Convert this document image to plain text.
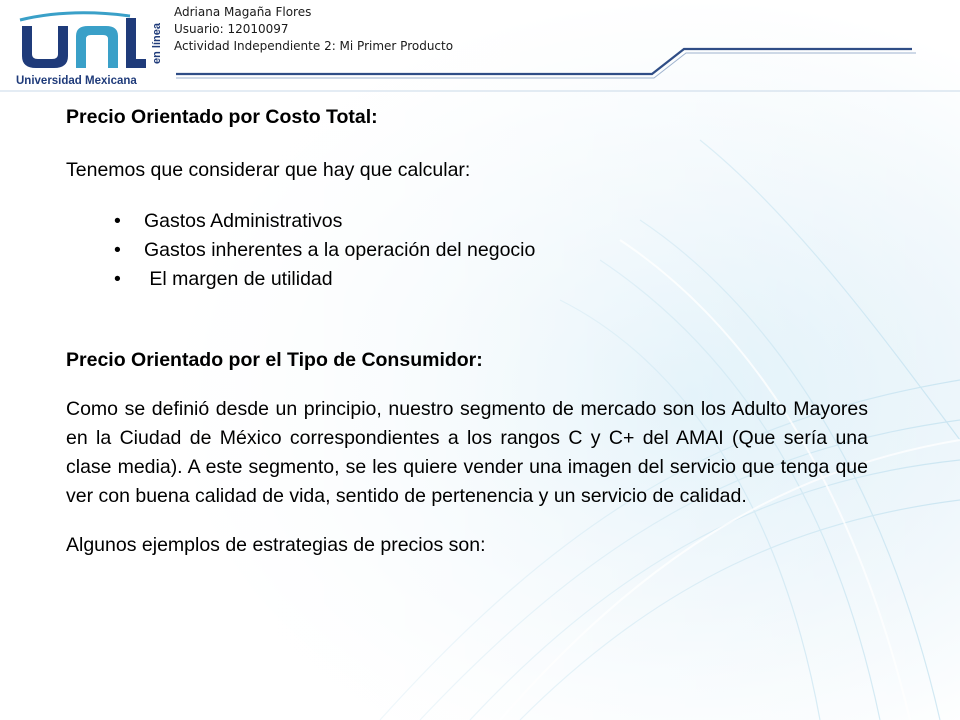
en línea
Universidad Mexicana
Adriana Magaña Flores
Usuario: 12010097
Actividad Independiente 2: Mi Primer Producto

Precio Orientado por Costo Total:

Tenemos que considerar que hay que calcular:

• Gastos Administrativos
• Gastos inherentes a la operación del negocio
• El margen de utilidad

Precio Orientado por el Tipo de Consumidor:

Como se definió desde un principio, nuestro segmento de mercado son los Adulto Mayores en la Ciudad de México correspondientes a los rangos C y C+ del AMAI (Que sería una clase media). A este segmento, se les quiere vender una imagen del servicio que tenga que ver con buena calidad de vida, sentido de pertenencia y un servicio de calidad.

Algunos ejemplos de estrategias de precios son:
